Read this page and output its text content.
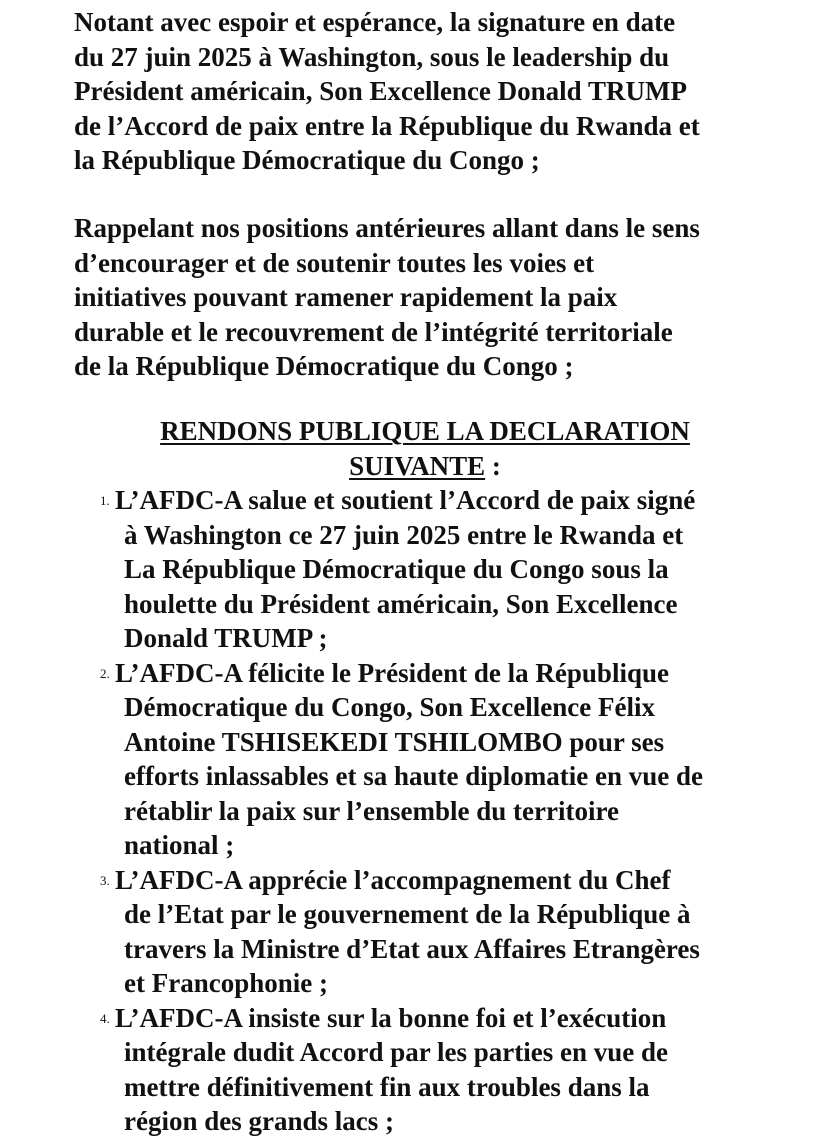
Notant avec espoir et espérance, la signature en date
du 27 juin 2025 à Washington, sous le leadership du
Président américain, Son Excellence Donald TRUMP
de l’Accord de paix entre la République du Rwanda et
la République Démocratique du Congo ;

Rappelant nos positions antérieures allant dans le sens
d’encourager et de soutenir toutes les voies et
initiatives pouvant ramener rapidement la paix
durable et le recouvrement de l’intégrité territoriale
de la République Démocratique du Congo ;

RENDONS PUBLIQUE LA DECLARATION
SUIVANTE :
1. L’AFDC-A salue et soutient l’Accord de paix signé
à Washington ce 27 juin 2025 entre le Rwanda et
La République Démocratique du Congo sous la
houlette du Président américain, Son Excellence
Donald TRUMP ;
2. L’AFDC-A félicite le Président de la République
Démocratique du Congo, Son Excellence Félix
Antoine TSHISEKEDI TSHILOMBO pour ses
efforts inlassables et sa haute diplomatie en vue de
rétablir la paix sur l’ensemble du territoire
national ;
3. L’AFDC-A apprécie l’accompagnement du Chef
de l’Etat par le gouvernement de la République à
travers la Ministre d’Etat aux Affaires Etrangères
et Francophonie ;
4. L’AFDC-A insiste sur la bonne foi et l’exécution
intégrale dudit Accord par les parties en vue de
mettre définitivement fin aux troubles dans la
région des grands lacs ;
